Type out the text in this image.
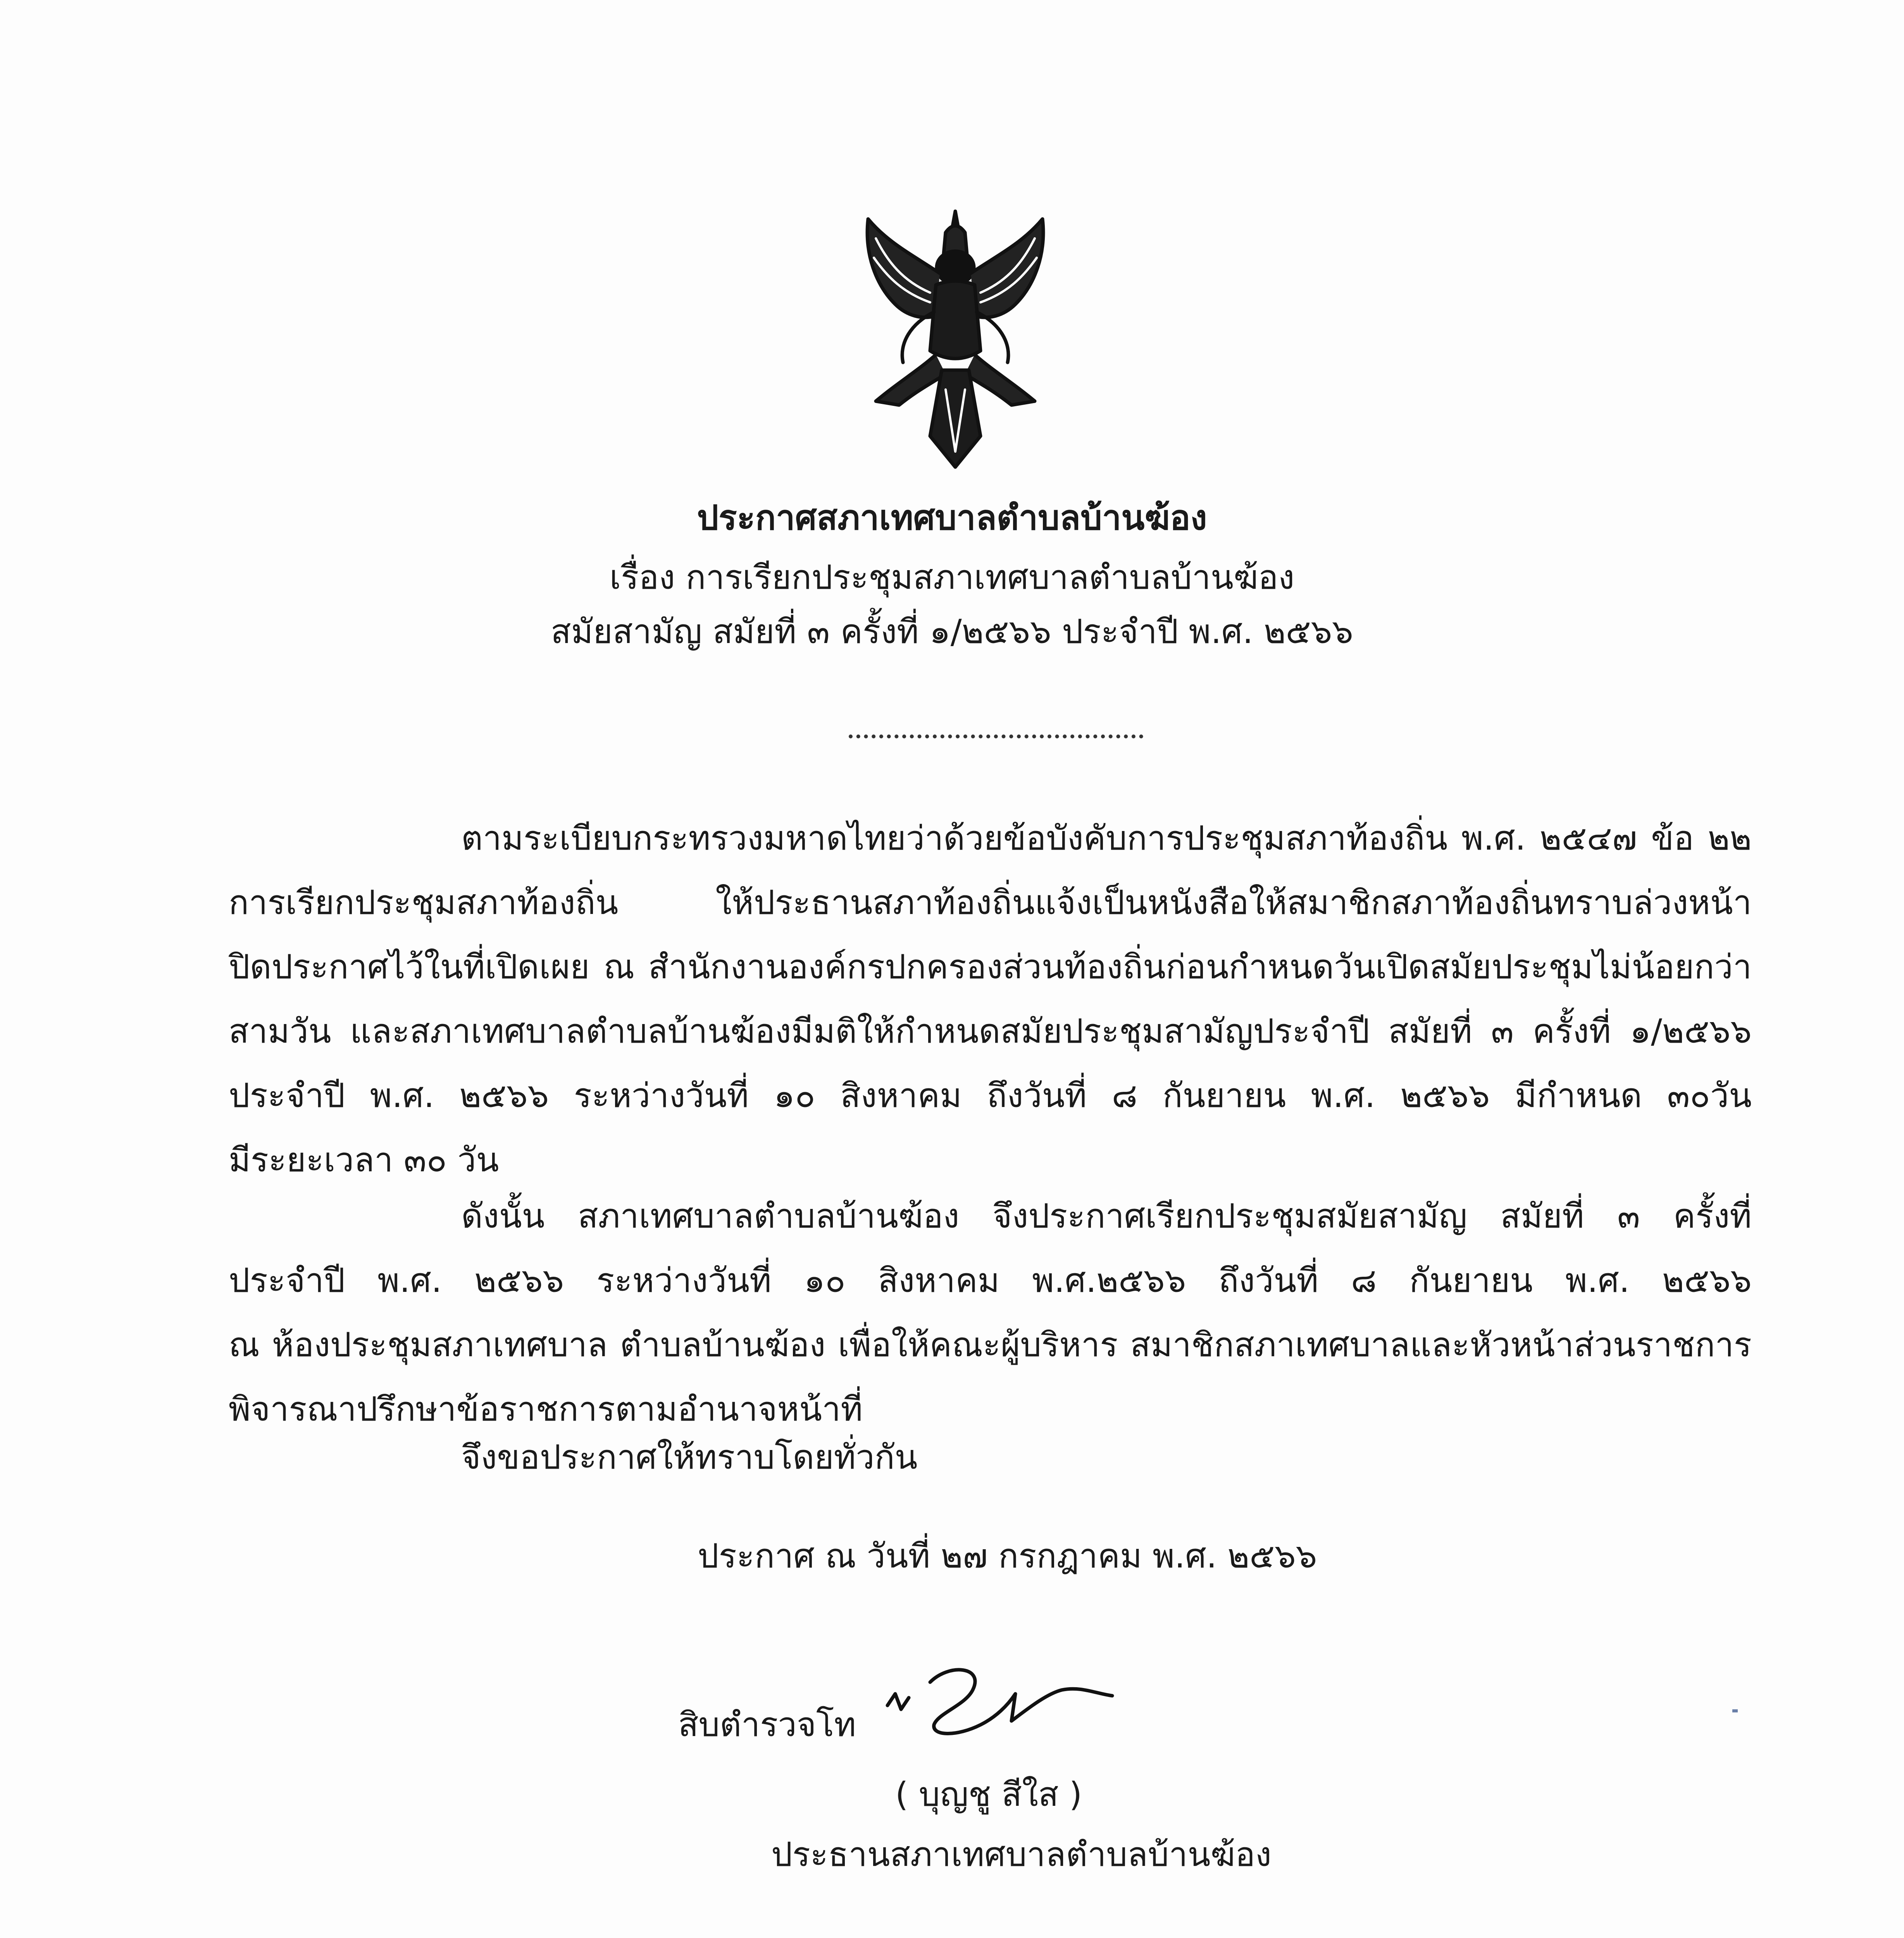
ประกาศสภาเทศบาลตำบลบ้านฆ้อง
เรื่อง การเรียกประชุมสภาเทศบาลตำบลบ้านฆ้อง
สมัยสามัญ สมัยที่ ๓ ครั้งที่ ๑/๒๕๖๖ ประจำปี พ.ศ. ๒๕๖๖
ตามระเบียบกระทรวงมหาดไทยว่าด้วยข้อบังคับการประชุมสภาท้องถิ่น พ.ศ. ๒๕๔๗ ข้อ ๒๒
การเรียกประชุมสภาท้องถิ่น ให้ประธานสภาท้องถิ่นแจ้งเป็นหนังสือให้สมาชิกสภาท้องถิ่นทราบล่วงหน้า
ปิดประกาศไว้ในที่เปิดเผย ณ สำนักงานองค์กรปกครองส่วนท้องถิ่นก่อนกำหนดวันเปิดสมัยประชุมไม่น้อยกว่า
สามวัน และสภาเทศบาลตำบลบ้านฆ้องมีมติให้กำหนดสมัยประชุมสามัญประจำปี สมัยที่ ๓ ครั้งที่ ๑/๒๕๖๖
ประจำปี พ.ศ. ๒๕๖๖ ระหว่างวันที่ ๑๐ สิงหาคม ถึงวันที่ ๘ กันยายน พ.ศ. ๒๕๖๖ มีกำหนด ๓๐วัน
มีระยะเวลา ๓๐ วัน
ดังนั้น สภาเทศบาลตำบลบ้านฆ้อง จึงประกาศเรียกประชุมสมัยสามัญ สมัยที่ ๓ ครั้งที่
ประจำปี พ.ศ. ๒๕๖๖ ระหว่างวันที่ ๑๐ สิงหาคม พ.ศ.๒๕๖๖ ถึงวันที่ ๘ กันยายน พ.ศ. ๒๕๖๖
ณ ห้องประชุมสภาเทศบาล ตำบลบ้านฆ้อง เพื่อให้คณะผู้บริหาร สมาชิกสภาเทศบาลและหัวหน้าส่วนราชการ
พิจารณาปรึกษาข้อราชการตามอำนาจหน้าที่
จึงขอประกาศให้ทราบโดยทั่วกัน
ประกาศ ณ วันที่ ๒๗ กรกฎาคม พ.ศ. ๒๕๖๖
สิบตำรวจโท
( บุญชู สีใส )
ประธานสภาเทศบาลตำบลบ้านฆ้อง
